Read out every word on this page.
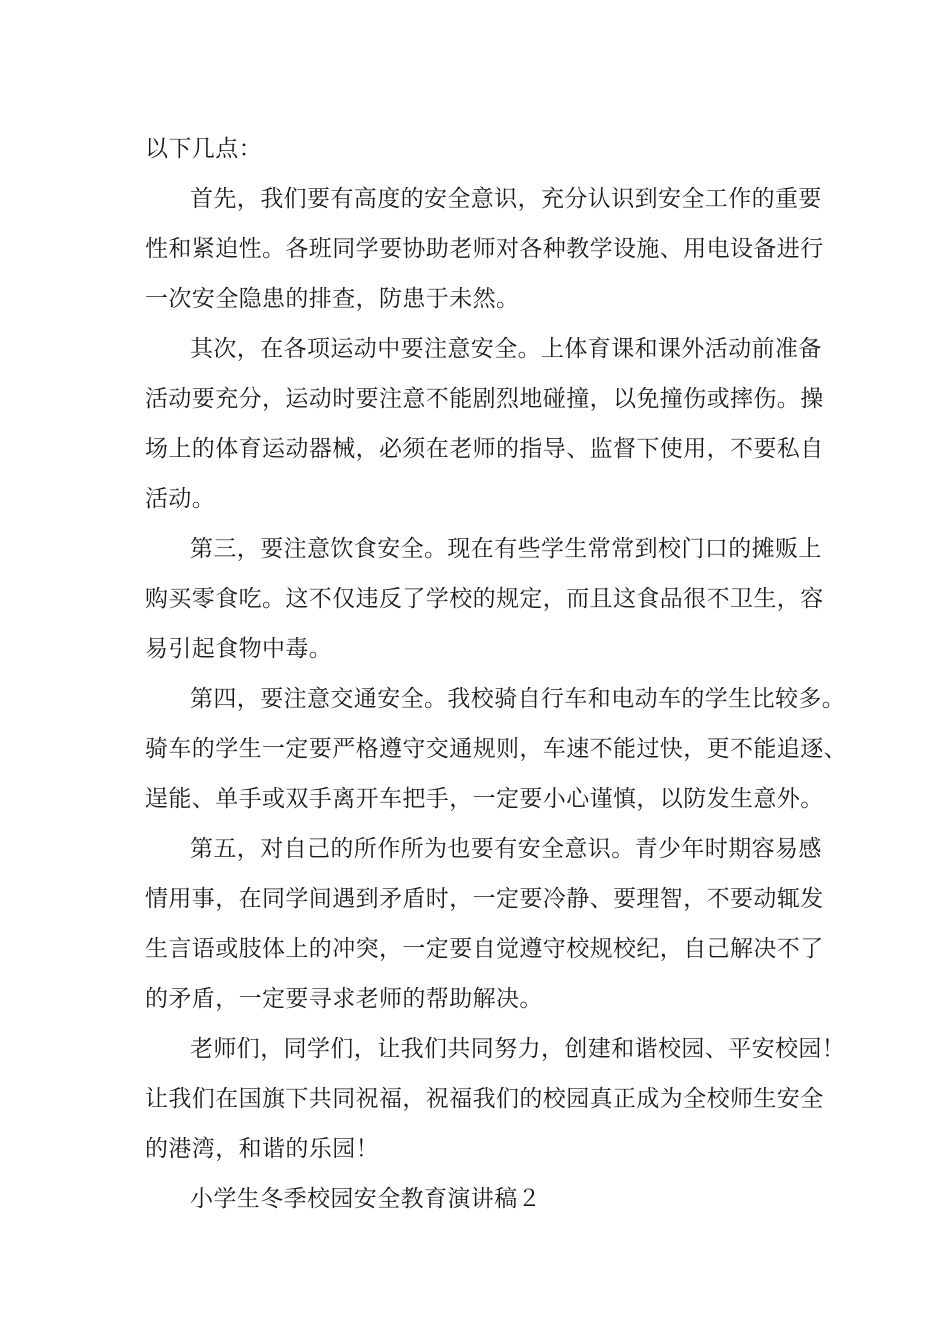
以下几点：

首先，我们要有高度的安全意识，充分认识到安全工作的重要

性和紧迫性。各班同学要协助老师对各种教学设施、用电设备进行

一次安全隐患的排查，防患于未然。

其次，在各项运动中要注意安全。上体育课和课外活动前准备

活动要充分，运动时要注意不能剧烈地碰撞，以免撞伤或摔伤。操

场上的体育运动器械，必须在老师的指导、监督下使用，不要私自

活动。

第三，要注意饮食安全。现在有些学生常常到校门口的摊贩上

购买零食吃。这不仅违反了学校的规定，而且这食品很不卫生，容

易引起食物中毒。

第四，要注意交通安全。我校骑自行车和电动车的学生比较多。

骑车的学生一定要严格遵守交通规则，车速不能过快，更不能追逐、

逞能、单手或双手离开车把手，一定要小心谨慎，以防发生意外。

第五，对自己的所作所为也要有安全意识。青少年时期容易感

情用事，在同学间遇到矛盾时，一定要冷静、要理智，不要动辄发

生言语或肢体上的冲突，一定要自觉遵守校规校纪，自己解决不了

的矛盾，一定要寻求老师的帮助解决。

老师们，同学们，让我们共同努力，创建和谐校园、平安校园！

让我们在国旗下共同祝福，祝福我们的校园真正成为全校师生安全

的港湾，和谐的乐园！

小学生冬季校园安全教育演讲稿２
